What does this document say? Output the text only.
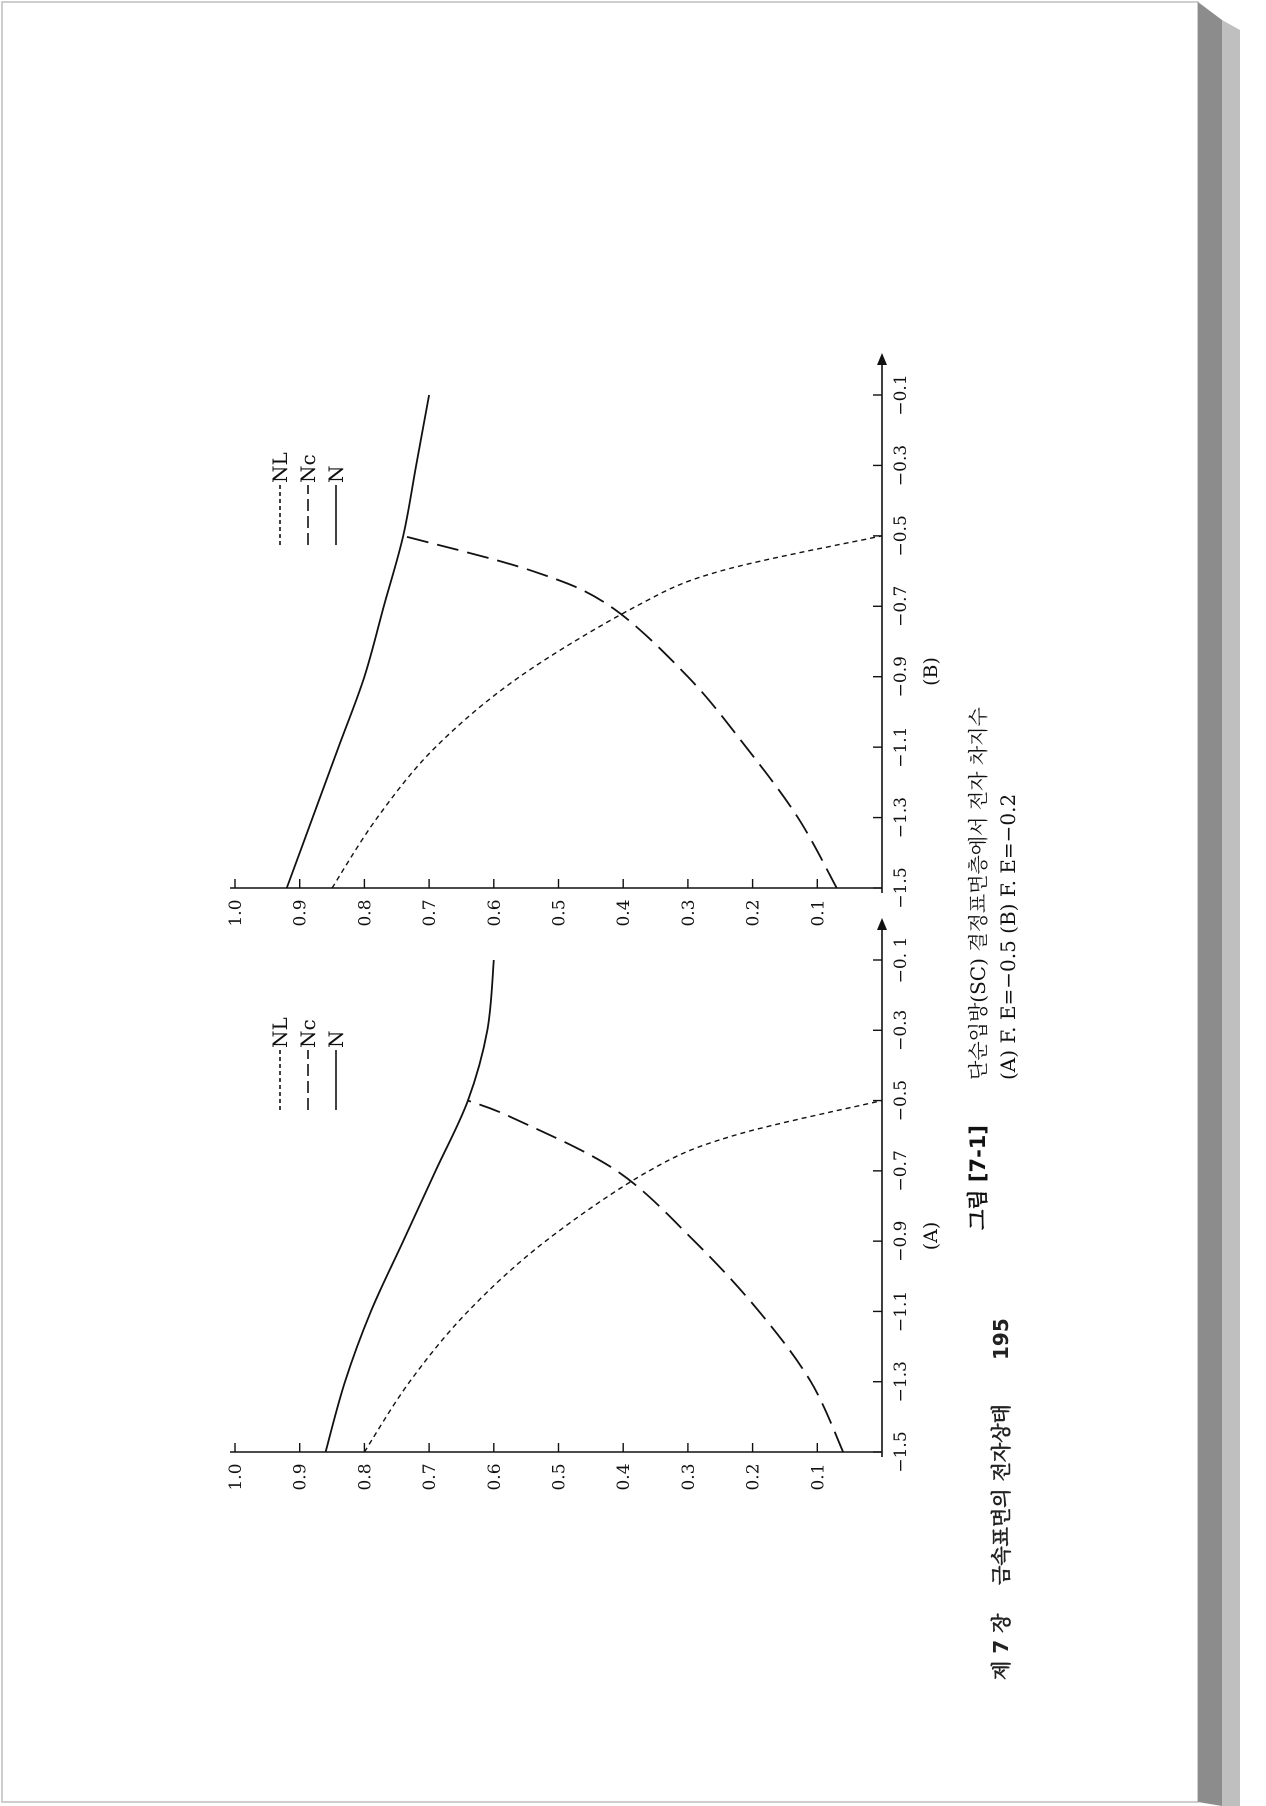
−1.5
−1.3
−1.1
−0.9
−0.7
−0.5
−0.3
−0.1
1.0	0.9	0.8	0.7	0.6	0.5	0.4	0.3	0.2	0.1
NL Nc N
(B)
−1.5
−1.3
−1.1
−0.9
−0.7
−0.5
−0.3
−0. 1
1.0	0.9	0.8	0.7	0.6	0.5	0.4	0.3	0.2	0.1
NL Nc N
(A)
그림 [7-1]
단순입방(SC) 결정표면층에서 전자 차지수 (A) F. E=−0.5 (B) F. E=−0.2
제 7 장
금속표면의 전자상태
195
